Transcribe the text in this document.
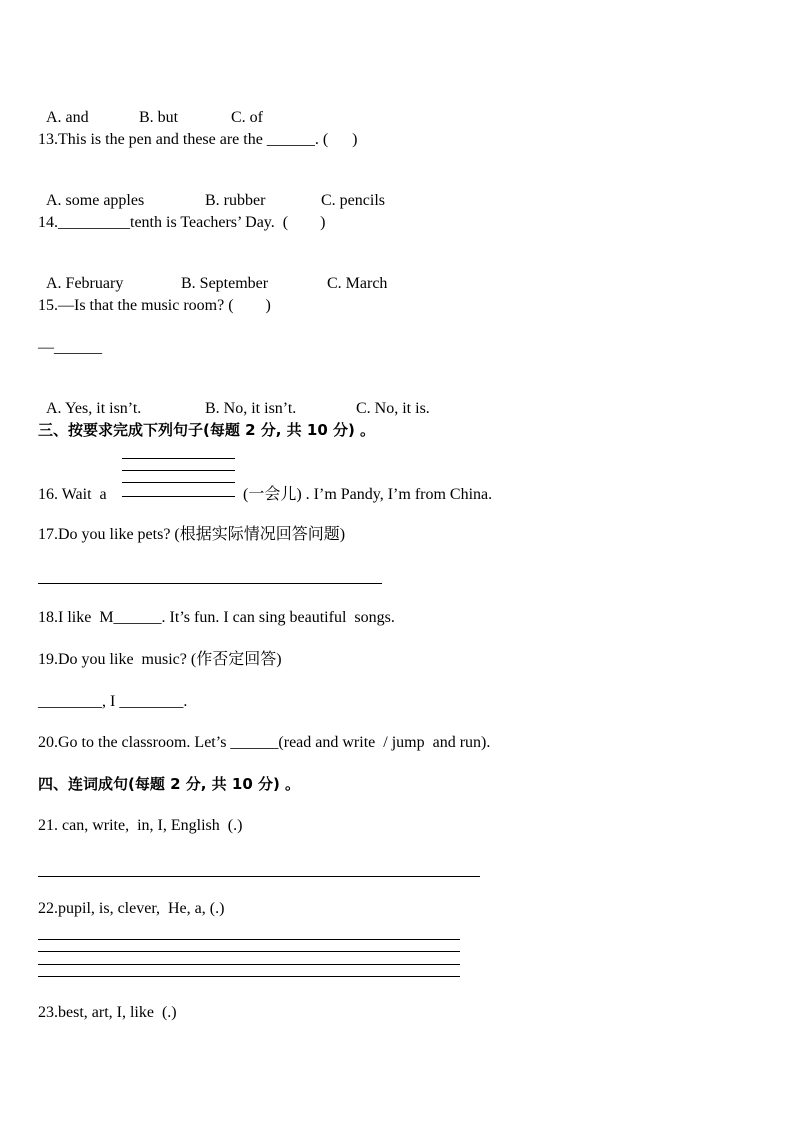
A. and	B. but	C. of

13.This is the pen and these are the ______. (      )

A. some apples	B. rubber	C. pencils

14._________tenth is Teachers’ Day.  (        )

A. February	B. September	C. March

15.—Is that the music room? (        )
—______

A. Yes, it isn’t.	B. No, it isn’t.	C. No, it is.

三、按要求完成下列句子(每题 2 分, 共 10 分) 。
16. Wait  a	(一会儿) . I’m Pandy, I’m from China.
17.Do you like pets? (根据实际情况回答问题)
18.I like  M______. It’s fun. I can sing beautiful  songs.
19.Do you like  music? (作否定回答)
________, I ________.
20.Go to the classroom. Let’s ______(read and write  / jump  and run).
四、连词成句(每题 2 分, 共 10 分) 。
21. can, write,  in, I, English  (.)
22.pupil, is, clever,  He, a, (.)
23.best, art, I, like  (.)
